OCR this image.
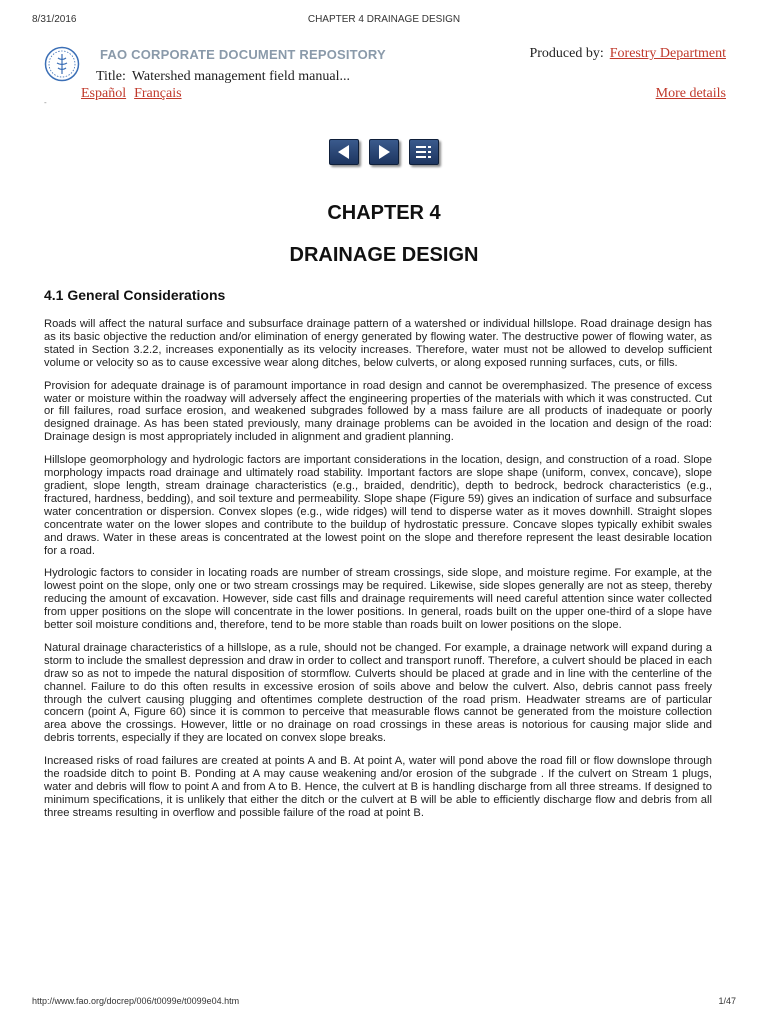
8/31/2016	CHAPTER 4 DRAINAGE DESIGN
FAO CORPORATE DOCUMENT REPOSITORY
Title: Watershed management field manual...
Español Français
Produced by: Forestry Department
More details
-

CHAPTER 4
DRAINAGE DESIGN
4.1 General Considerations

Roads will affect the natural surface and subsurface drainage pattern of a watershed or individual hillslope. Road drainage design has as its basic objective the reduction and/or elimination of energy generated by flowing water. The destructive power of flowing water, as stated in Section 3.2.2, increases exponentially as its velocity increases. Therefore, water must not be allowed to develop sufficient volume or velocity so as to cause excessive wear along ditches, below culverts, or along exposed running surfaces, cuts, or fills.

Provision for adequate drainage is of paramount importance in road design and cannot be overemphasized. The presence of excess water or moisture within the roadway will adversely affect the engineering properties of the materials with which it was constructed. Cut or fill failures, road surface erosion, and weakened subgrades followed by a mass failure are all products of inadequate or poorly designed drainage. As has been stated previously, many drainage problems can be avoided in the location and design of the road: Drainage design is most appropriately included in alignment and gradient planning.

Hillslope geomorphology and hydrologic factors are important considerations in the location, design, and construction of a road. Slope morphology impacts road drainage and ultimately road stability. Important factors are slope shape (uniform, convex, concave), slope gradient, slope length, stream drainage characteristics (e.g., braided, dendritic), depth to bedrock, bedrock characteristics (e.g., fractured, hardness, bedding), and soil texture and permeability. Slope shape (Figure 59) gives an indication of surface and subsurface water concentration or dispersion. Convex slopes (e.g., wide ridges) will tend to disperse water as it moves downhill. Straight slopes concentrate water on the lower slopes and contribute to the buildup of hydrostatic pressure. Concave slopes typically exhibit swales and draws. Water in these areas is concentrated at the lowest point on the slope and therefore represent the least desirable location for a road.

Hydrologic factors to consider in locating roads are number of stream crossings, side slope, and moisture regime. For example, at the lowest point on the slope, only one or two stream crossings may be required. Likewise, side slopes generally are not as steep, thereby reducing the amount of excavation. However, side cast fills and drainage requirements will need careful attention since water collected from upper positions on the slope will concentrate in the lower positions. In general, roads built on the upper one-third of a slope have better soil moisture conditions and, therefore, tend to be more stable than roads built on lower positions on the slope.

Natural drainage characteristics of a hillslope, as a rule, should not be changed. For example, a drainage network will expand during a storm to include the smallest depression and draw in order to collect and transport runoff. Therefore, a culvert should be placed in each draw so as not to impede the natural disposition of stormflow. Culverts should be placed at grade and in line with the centerline of the channel. Failure to do this often results in excessive erosion of soils above and below the culvert. Also, debris cannot pass freely through the culvert causing plugging and oftentimes complete destruction of the road prism. Headwater streams are of particular concern (point A, Figure 60) since it is common to perceive that measurable flows cannot be generated from the moisture collection area above the crossings. However, little or no drainage on road crossings in these areas is notorious for causing major slide and debris torrents, especially if they are located on convex slope breaks.

Increased risks of road failures are created at points A and B. At point A, water will pond above the road fill or flow downslope through the roadside ditch to point B. Ponding at A may cause weakening and/or erosion of the subgrade . If the culvert on Stream 1 plugs, water and debris will flow to point A and from A to B. Hence, the culvert at B is handling discharge from all three streams. If designed to minimum specifications, it is unlikely that either the ditch or the culvert at B will be able to efficiently discharge flow and debris from all three streams resulting in overflow and possible failure of the road at point B.

http://www.fao.org/docrep/006/t0099e/t0099e04.htm	1/47
